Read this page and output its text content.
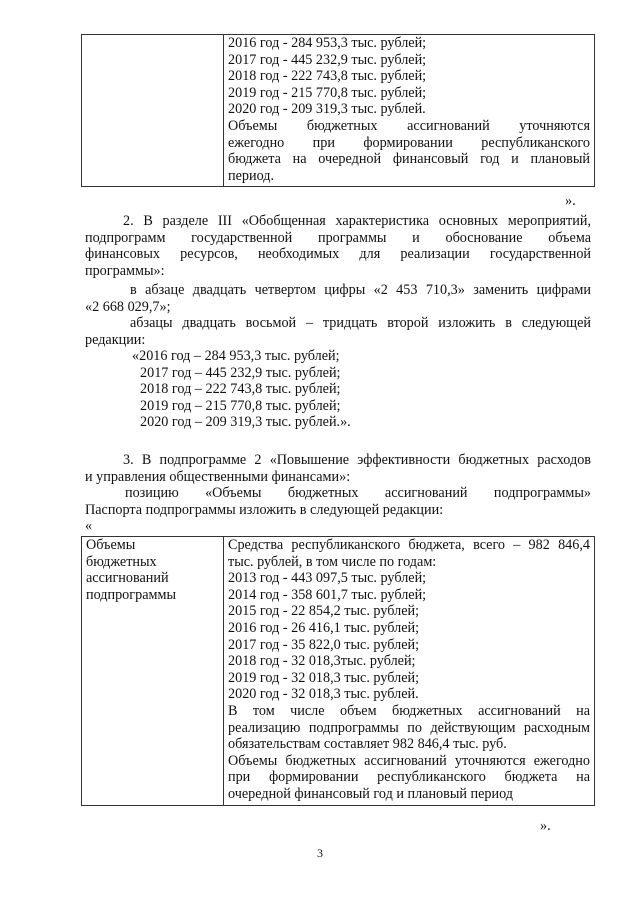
2016 год - 284 953,3 тыс. рублей;
2017 год - 445 232,9 тыс. рублей;
2018 год - 222 743,8 тыс. рублей;
2019 год - 215 770,8 тыс. рублей;
2020 год - 209 319,3 тыс. рублей.
Объемы бюджетных ассигнований уточняются
ежегодно при формировании республиканского
бюджета на очередной финансовый год и плановый
период.
».
2. В разделе III «Обобщенная характеристика основных мероприятий,
подпрограмм государственной программы и обоснование объема
финансовых ресурсов, необходимых для реализации государственной
программы»:
в абзаце двадцать четвертом цифры «2 453 710,3» заменить цифрами
«2 668 029,7»;
абзацы двадцать восьмой – тридцать второй изложить в следующей
редакции:
«2016 год – 284 953,3 тыс. рублей;
2017 год – 445 232,9 тыс. рублей;
2018 год – 222 743,8 тыс. рублей;
2019 год – 215 770,8 тыс. рублей;
2020 год – 209 319,3 тыс. рублей.».
3. В подпрограмме 2 «Повышение эффективности бюджетных расходов
и управления общественными финансами»:
позицию «Объемы бюджетных ассигнований подпрограммы»
Паспорта подпрограммы изложить в следующей редакции:
«
Объемы
бюджетных
ассигнований
подпрограммы

Средства республиканского бюджета, всего – 982 846,4
тыс. рублей, в том числе по годам:
2013 год - 443 097,5 тыс. рублей;
2014 год - 358 601,7 тыс. рублей;
2015 год - 22 854,2 тыс. рублей;
2016 год - 26 416,1 тыс. рублей;
2017 год - 35 822,0 тыс. рублей;
2018 год - 32 018,3тыс. рублей;
2019 год - 32 018,3 тыс. рублей;
2020 год - 32 018,3 тыс. рублей.
В том числе объем бюджетных ассигнований на
реализацию подпрограммы по действующим расходным
обязательствам составляет 982 846,4 тыс. руб.
Объемы бюджетных ассигнований уточняются ежегодно
при формировании республиканского бюджета на
очередной финансовый год и плановый период
».
3
